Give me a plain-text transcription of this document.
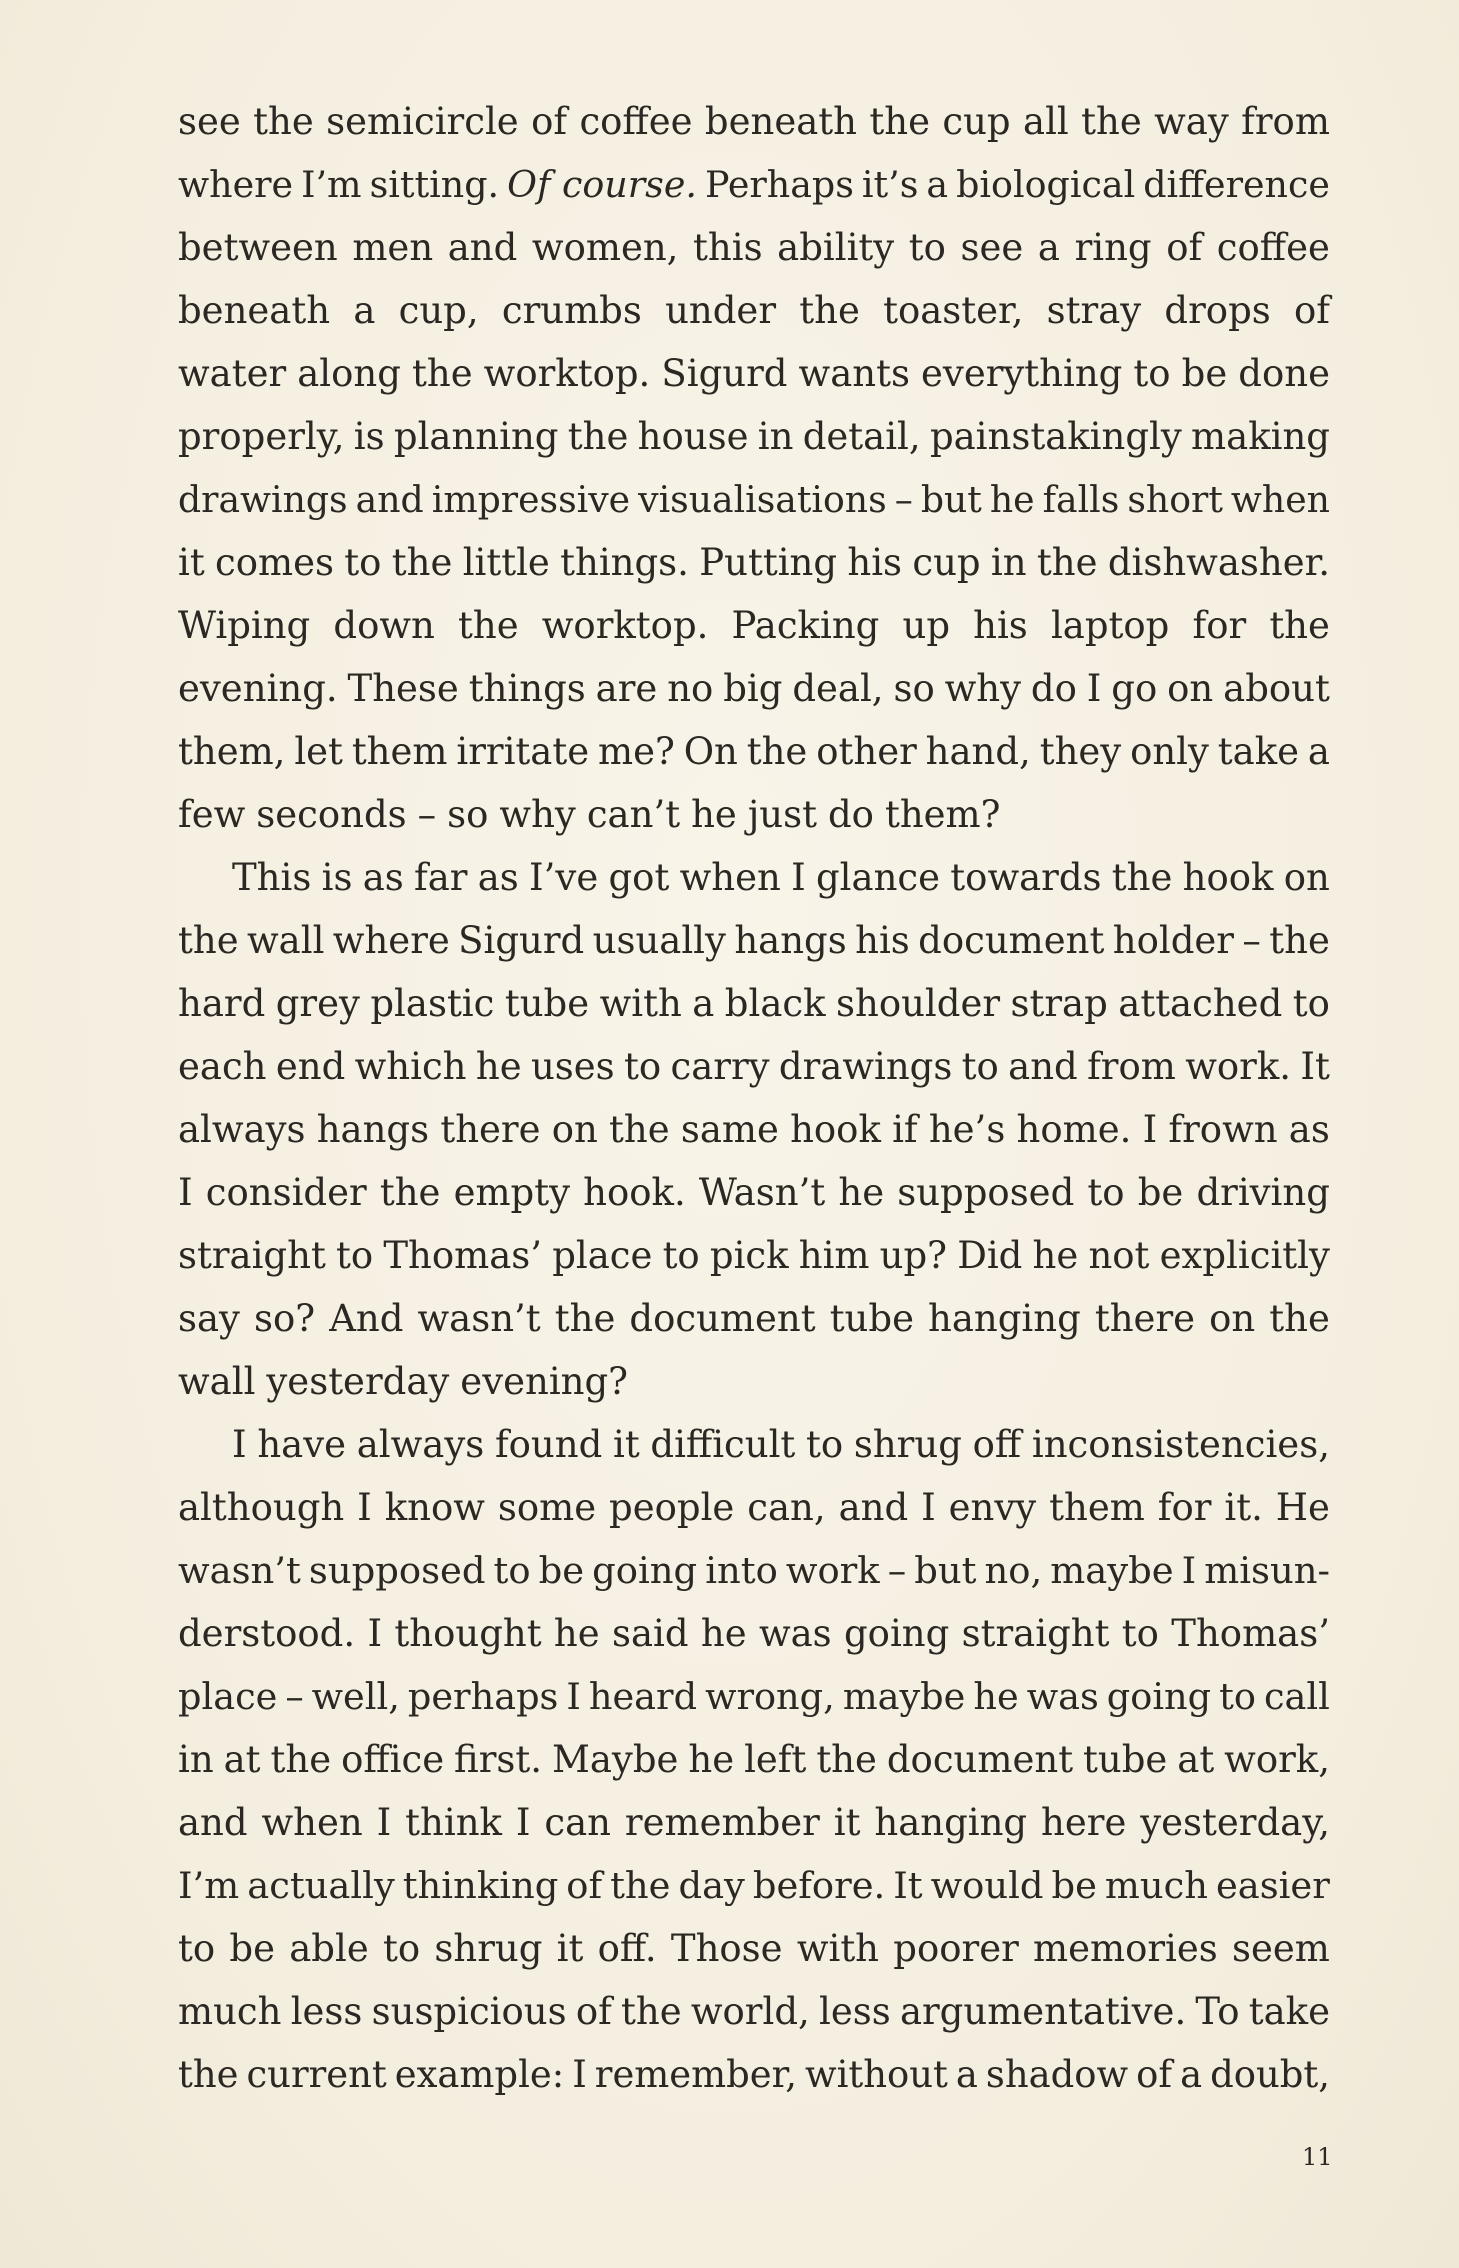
see the semicircle of coffee beneath the cup all the way from
where I’m sitting. Of course. Perhaps it’s a biological difference
between men and women, this ability to see a ring of coffee
beneath a cup, crumbs under the toaster, stray drops of
water along the worktop. Sigurd wants everything to be done
properly, is planning the house in detail, painstakingly making
drawings and impressive visualisations – but he falls short when
it comes to the little things. Putting his cup in the dishwasher.
Wiping down the worktop. Packing up his laptop for the
evening. These things are no big deal, so why do I go on about
them, let them irritate me? On the other hand, they only take a
few seconds – so why can’t he just do them?
This is as far as I’ve got when I glance towards the hook on
the wall where Sigurd usually hangs his document holder – the
hard grey plastic tube with a black shoulder strap attached to
each end which he uses to carry drawings to and from work. It
always hangs there on the same hook if he’s home. I frown as
I consider the empty hook. Wasn’t he supposed to be driving
straight to Thomas’ place to pick him up? Did he not explicitly
say so? And wasn’t the document tube hanging there on the
wall yesterday evening?
I have always found it difficult to shrug off inconsistencies,
although I know some people can, and I envy them for it. He
wasn’t supposed to be going into work – but no, maybe I misun-
derstood. I thought he said he was going straight to Thomas’
place – well, perhaps I heard wrong, maybe he was going to call
in at the office first. Maybe he left the document tube at work,
and when I think I can remember it hanging here yesterday,
I’m actually thinking of the day before. It would be much easier
to be able to shrug it off. Those with poorer memories seem
much less suspicious of the world, less argumentative. To take
the current example: I remember, without a shadow of a doubt,
11
